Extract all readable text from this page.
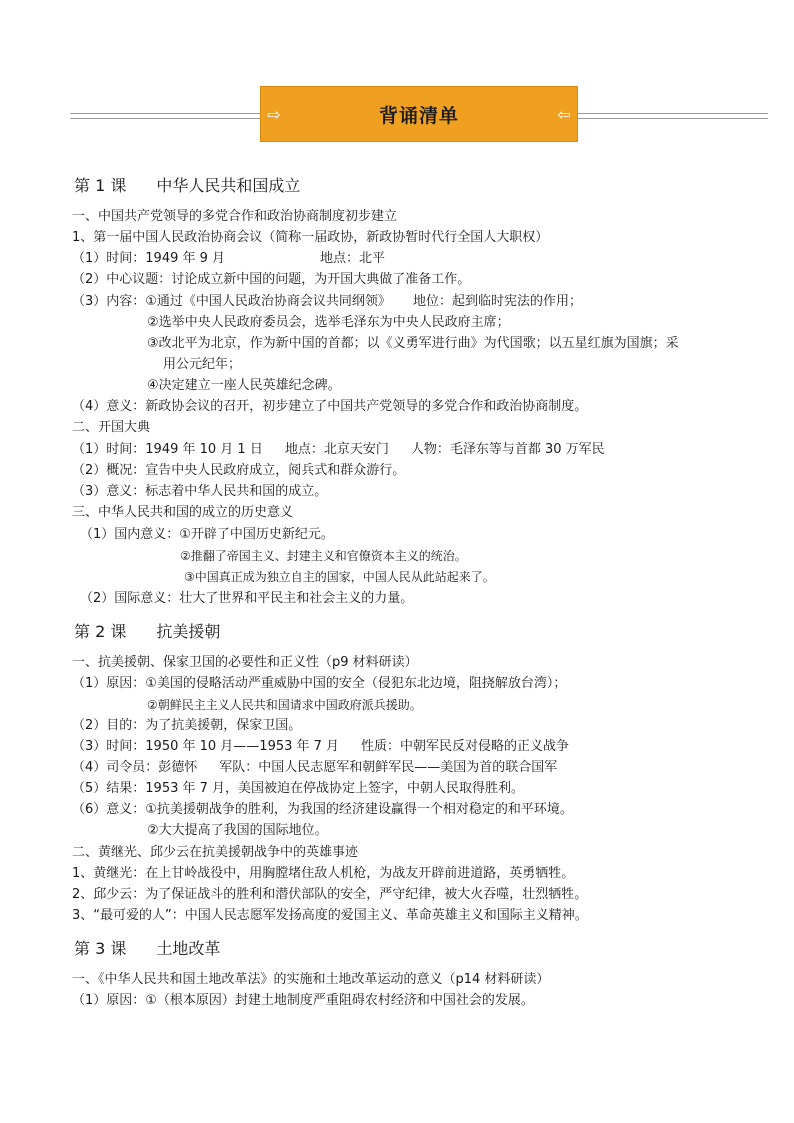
⇨	背诵清单	⇦
第 1 课 中华人民共和国成立
一、中国共产党领导的多党合作和政治协商制度初步建立
1、第一届中国人民政治协商会议（简称一届政协，新政协暂时代行全国人大职权）
（1）时间：1949 年 9 月	地点：北平
（2）中心议题：讨论成立新中国的问题，为开国大典做了准备工作。
（3）内容：①通过《中国人民政治协商会议共同纲领》 地位：起到临时宪法的作用；
②选举中央人民政府委员会，选举毛泽东为中央人民政府主席；
③改北平为北京，作为新中国的首都；以《义勇军进行曲》为代国歌；以五星红旗为国旗；采
用公元纪年；
④决定建立一座人民英雄纪念碑。
（4）意义：新政协会议的召开，初步建立了中国共产党领导的多党合作和政治协商制度。
二、开国大典
（1）时间：1949 年 10 月 1 日 地点：北京天安门 人物：毛泽东等与首都 30 万军民
（2）概况：宣告中央人民政府成立，阅兵式和群众游行。
（3）意义：标志着中华人民共和国的成立。
三、中华人民共和国的成立的历史意义
（1）国内意义：①开辟了中国历史新纪元。
②推翻了帝国主义、封建主义和官僚资本主义的统治。
③中国真正成为独立自主的国家，中国人民从此站起来了。
（2）国际意义：壮大了世界和平民主和社会主义的力量。
第 2 课 抗美援朝
一、抗美援朝、保家卫国的必要性和正义性（p9 材料研读）
（1）原因：①美国的侵略活动严重威胁中国的安全（侵犯东北边境，阻挠解放台湾）；
②朝鲜民主主义人民共和国请求中国政府派兵援助。
（2）目的：为了抗美援朝，保家卫国。
（3）时间：1950 年 10 月——1953 年 7 月 性质：中朝军民反对侵略的正义战争
（4）司令员：彭德怀 军队：中国人民志愿军和朝鲜军民——美国为首的联合国军
（5）结果：1953 年 7 月，美国被迫在停战协定上签字，中朝人民取得胜利。
（6）意义：①抗美援朝战争的胜利，为我国的经济建设赢得一个相对稳定的和平环境。
②大大提高了我国的国际地位。
二、黄继光、邱少云在抗美援朝战争中的英雄事迹
1、黄继光：在上甘岭战役中，用胸膛堵住敌人机枪，为战友开辟前进道路，英勇牺牲。
2、邱少云：为了保证战斗的胜利和潜伏部队的安全，严守纪律，被大火吞噬，壮烈牺牲。
3、“最可爱的人”：中国人民志愿军发扬高度的爱国主义、革命英雄主义和国际主义精神。
第 3 课 土地改革
一、《中华人民共和国土地改革法》的实施和土地改革运动的意义（p14 材料研读）
（1）原因：①（根本原因）封建土地制度严重阻碍农村经济和中国社会的发展。
